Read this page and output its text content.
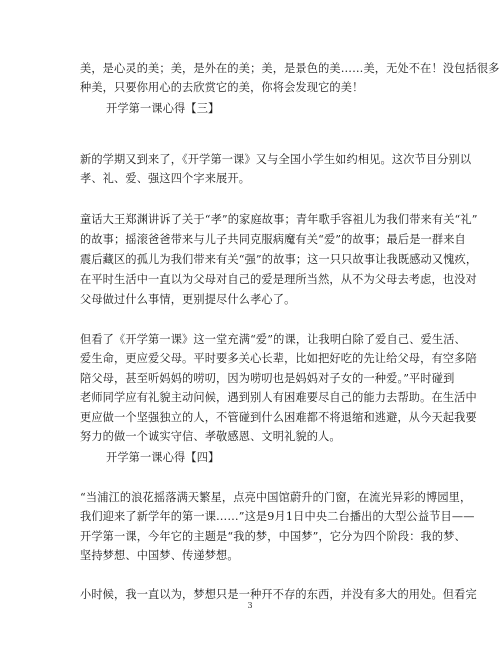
美，是心灵的美；美，是外在的美；美，是景色的美……美，无处不在！没包括很多
种美，只要你用心的去欣赏它的美，你将会发现它的美！
开学第一课心得【三】
新的学期又到来了，《开学第一课》又与全国小学生如约相见。这次节目分别以
孝、礼、爱、强这四个字来展开。
童话大王郑渊讲诉了关于“孝”的家庭故事；青年歌手容祖儿为我们带来有关“礼”
的故事；摇滚爸爸带来与儿子共同克服病魔有关“爱”的故事；最后是一群来自
震后藏区的孤儿为我们带来有关“强”的故事；这一只只故事让我既感动又愧疚，
在平时生活中一直以为父母对自己的爱是理所当然，从不为父母去考虑，也没对
父母做过什么事情，更别提尽什么孝心了。
但看了《开学第一课》这一堂充满“爱”的课，让我明白除了爱自己、爱生活、
爱生命，更应爱父母。平时要多关心长辈，比如把好吃的先让给父母，有空多陪
陪父母，甚至听妈妈的唠叨，因为唠叨也是妈妈对子女的一种爱。”平时碰到
老师同学应有礼貌主动问候，遇到别人有困难要尽自己的能力去帮助。在生活中
更应做一个坚强独立的人，不管碰到什么困难都不将退缩和逃避，从今天起我要
努力的做一个诚实守信、孝敬感恩、文明礼貌的人。
开学第一课心得【四】
“当浦江的浪花摇落满天繁星，点亮中国馆蔚升的门窗，在流光异彩的博园里，
我们迎来了新学年的第一课……”这是9月1日中央二台播出的大型公益节目——
开学第一课，今年它的主题是“我的梦，中国梦”，它分为四个阶段：我的梦、
坚持梦想、中国梦、传递梦想。
小时候，我一直以为，梦想只是一种幵不存的东西，并没有多大的用处。但看完
3
